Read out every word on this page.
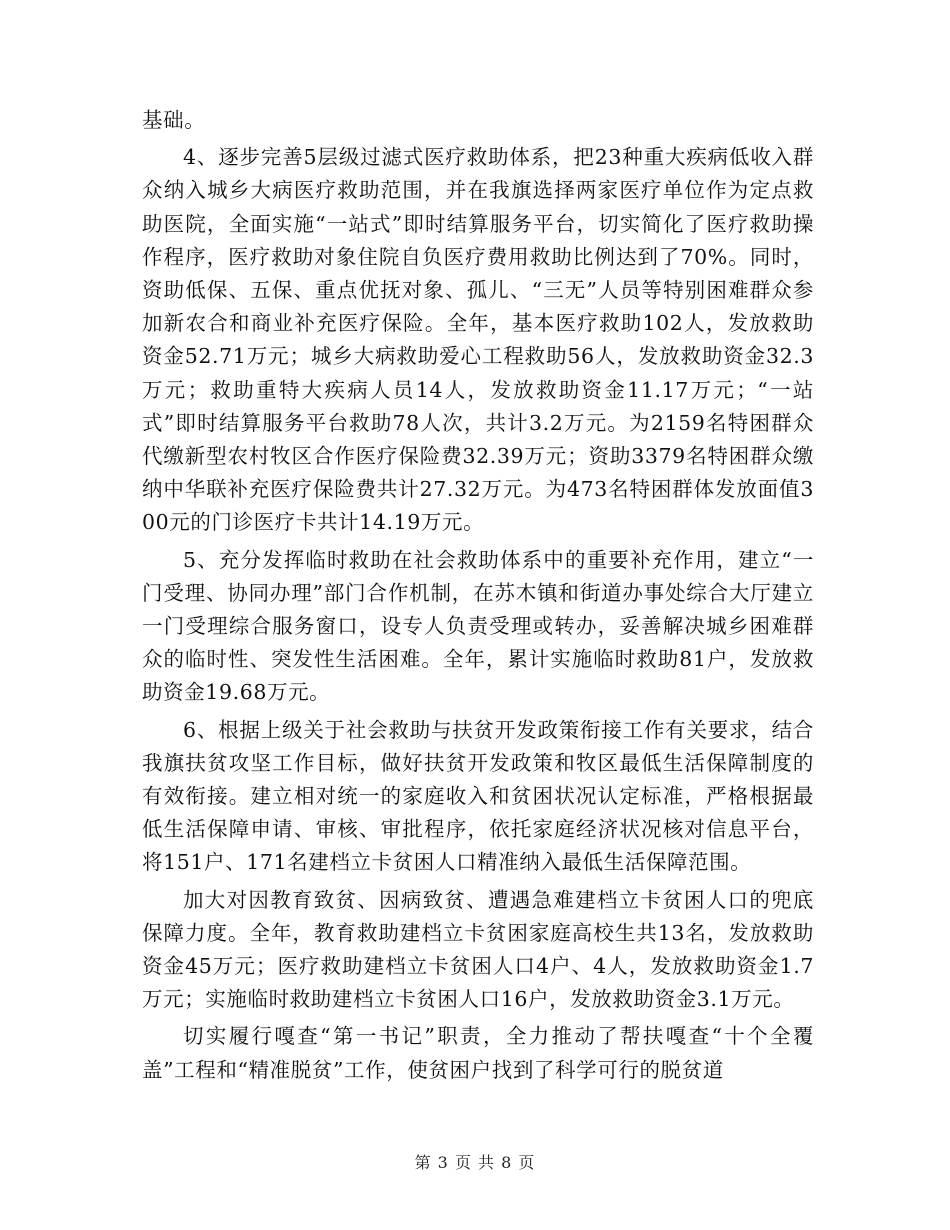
基础。

4、逐步完善5层级过滤式医疗救助体系，把23种重大疾病低收入群众纳入城乡大病医疗救助范围，并在我旗选择两家医疗单位作为定点救助医院，全面实施“一站式”即时结算服务平台，切实简化了医疗救助操作程序，医疗救助对象住院自负医疗费用救助比例达到了70%。同时，资助低保、五保、重点优抚对象、孤儿、“三无”人员等特别困难群众参加新农合和商业补充医疗保险。全年，基本医疗救助102人，发放救助资金52.71万元；城乡大病救助爱心工程救助56人，发放救助资金32.3万元；救助重特大疾病人员14人，发放救助资金11.17万元；“一站式”即时结算服务平台救助78人次，共计3.2万元。为2159名特困群众代缴新型农村牧区合作医疗保险费32.39万元；资助3379名特困群众缴纳中华联补充医疗保险费共计27.32万元。为473名特困群体发放面值300元的门诊医疗卡共计14.19万元。

5、充分发挥临时救助在社会救助体系中的重要补充作用，建立“一门受理、协同办理”部门合作机制，在苏木镇和街道办事处综合大厅建立一门受理综合服务窗口，设专人负责受理或转办，妥善解决城乡困难群众的临时性、突发性生活困难。全年，累计实施临时救助81户，发放救助资金19.68万元。

6、根据上级关于社会救助与扶贫开发政策衔接工作有关要求，结合我旗扶贫攻坚工作目标，做好扶贫开发政策和牧区最低生活保障制度的有效衔接。建立相对统一的家庭收入和贫困状况认定标准，严格根据最低生活保障申请、审核、审批程序，依托家庭经济状况核对信息平台，将151户、171名建档立卡贫困人口精准纳入最低生活保障范围。

加大对因教育致贫、因病致贫、遭遇急难建档立卡贫困人口的兜底保障力度。全年，教育救助建档立卡贫困家庭高校生共13名，发放救助资金45万元；医疗救助建档立卡贫困人口4户、4人，发放救助资金1.7万元；实施临时救助建档立卡贫困人口16户，发放救助资金3.1万元。

切实履行嘎查“第一书记”职责，全力推动了帮扶嘎查“十个全覆盖”工程和“精准脱贫”工作，使贫困户找到了科学可行的脱贫道

第 3 页 共 8 页
